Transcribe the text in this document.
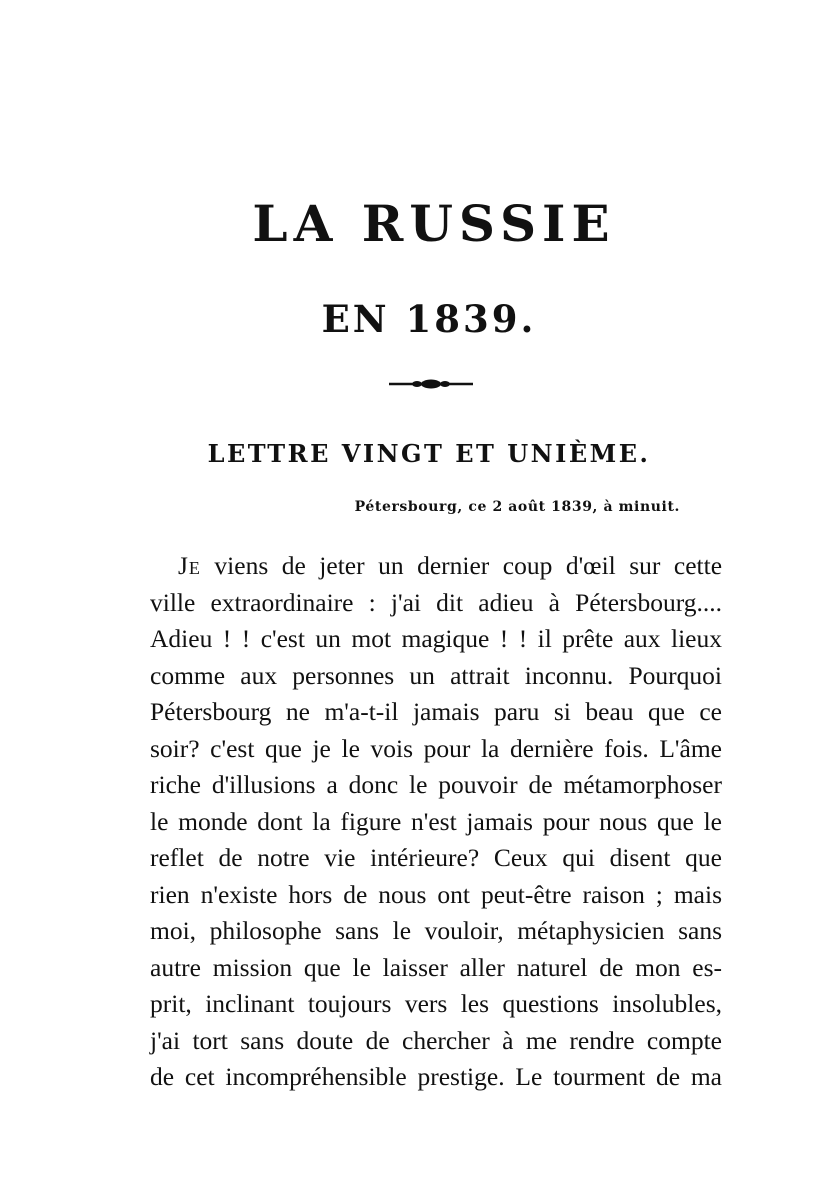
LA RUSSIE
EN 1839.
LETTRE VINGT ET UNIÈME.
Pétersbourg, ce 2 août 1839, à minuit.
Je viens de jeter un dernier coup d'œil sur cette
ville extraordinaire : j'ai dit adieu à Pétersbourg....
Adieu ! ! c'est un mot magique ! ! il prête aux lieux
comme aux personnes un attrait inconnu. Pourquoi
Pétersbourg ne m'a-t-il jamais paru si beau que ce
soir? c'est que je le vois pour la dernière fois. L'âme
riche d'illusions a donc le pouvoir de métamorphoser
le monde dont la figure n'est jamais pour nous que le
reflet de notre vie intérieure? Ceux qui disent que
rien n'existe hors de nous ont peut-être raison ; mais
moi, philosophe sans le vouloir, métaphysicien sans
autre mission que le laisser aller naturel de mon es-
prit, inclinant toujours vers les questions insolubles,
j'ai tort sans doute de chercher à me rendre compte
de cet incompréhensible prestige. Le tourment de ma
